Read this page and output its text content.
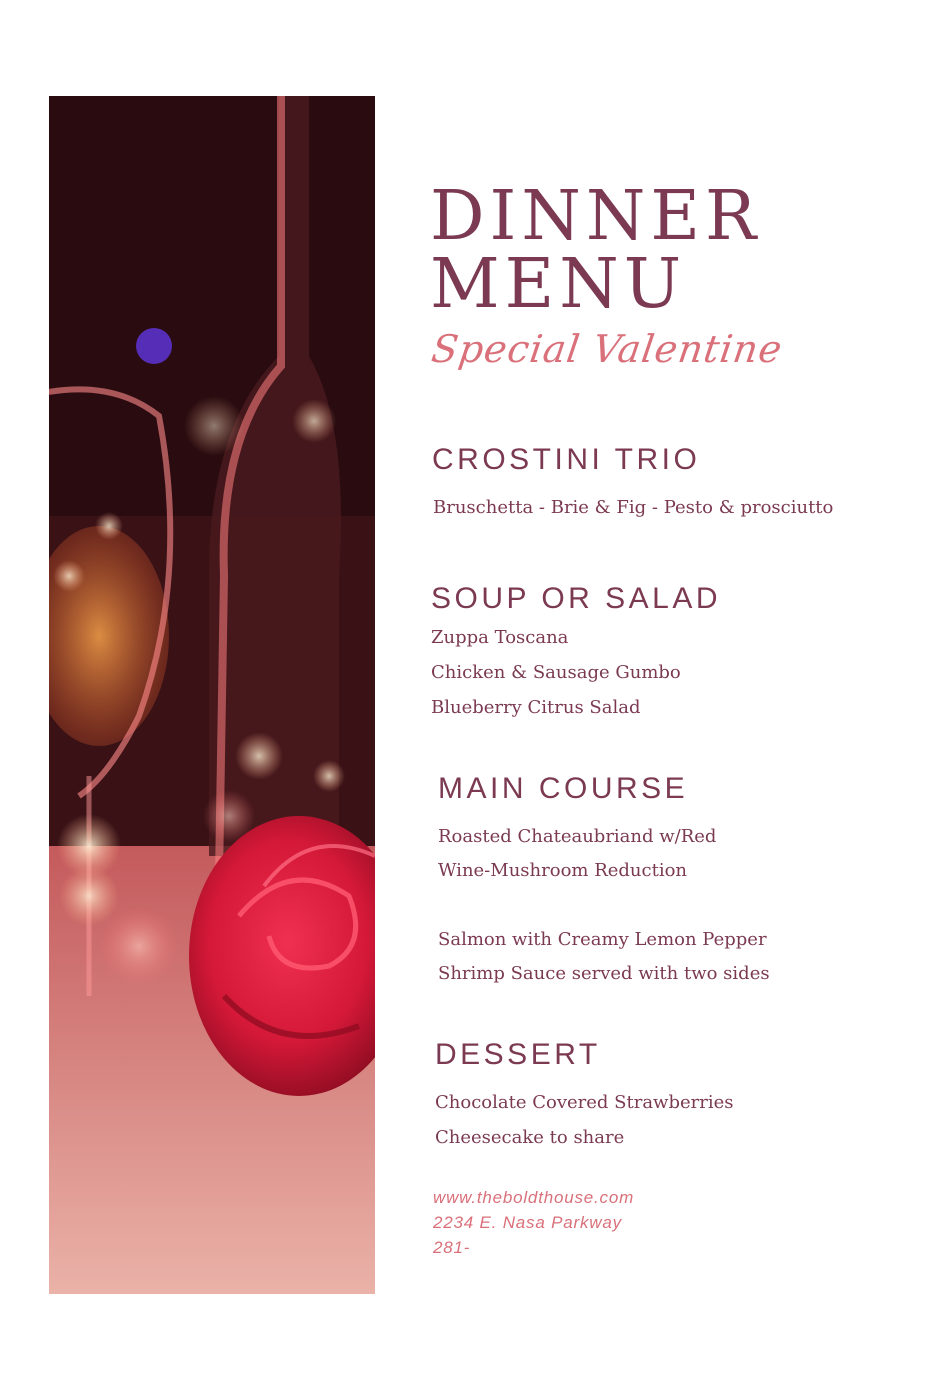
DINNER
MENU
Special Valentine
CROSTINI TRIO
Bruschetta - Brie & Fig - Pesto & prosciutto
SOUP OR SALAD
Zuppa Toscana
Chicken & Sausage Gumbo
Blueberry Citrus Salad
MAIN COURSE
Roasted Chateaubriand w/Red
Wine-Mushroom Reduction
Salmon with Creamy Lemon Pepper
Shrimp Sauce served with two sides
DESSERT
Chocolate Covered Strawberries
Cheesecake to share
www.theboldthouse.com
2234 E. Nasa Parkway
281-
